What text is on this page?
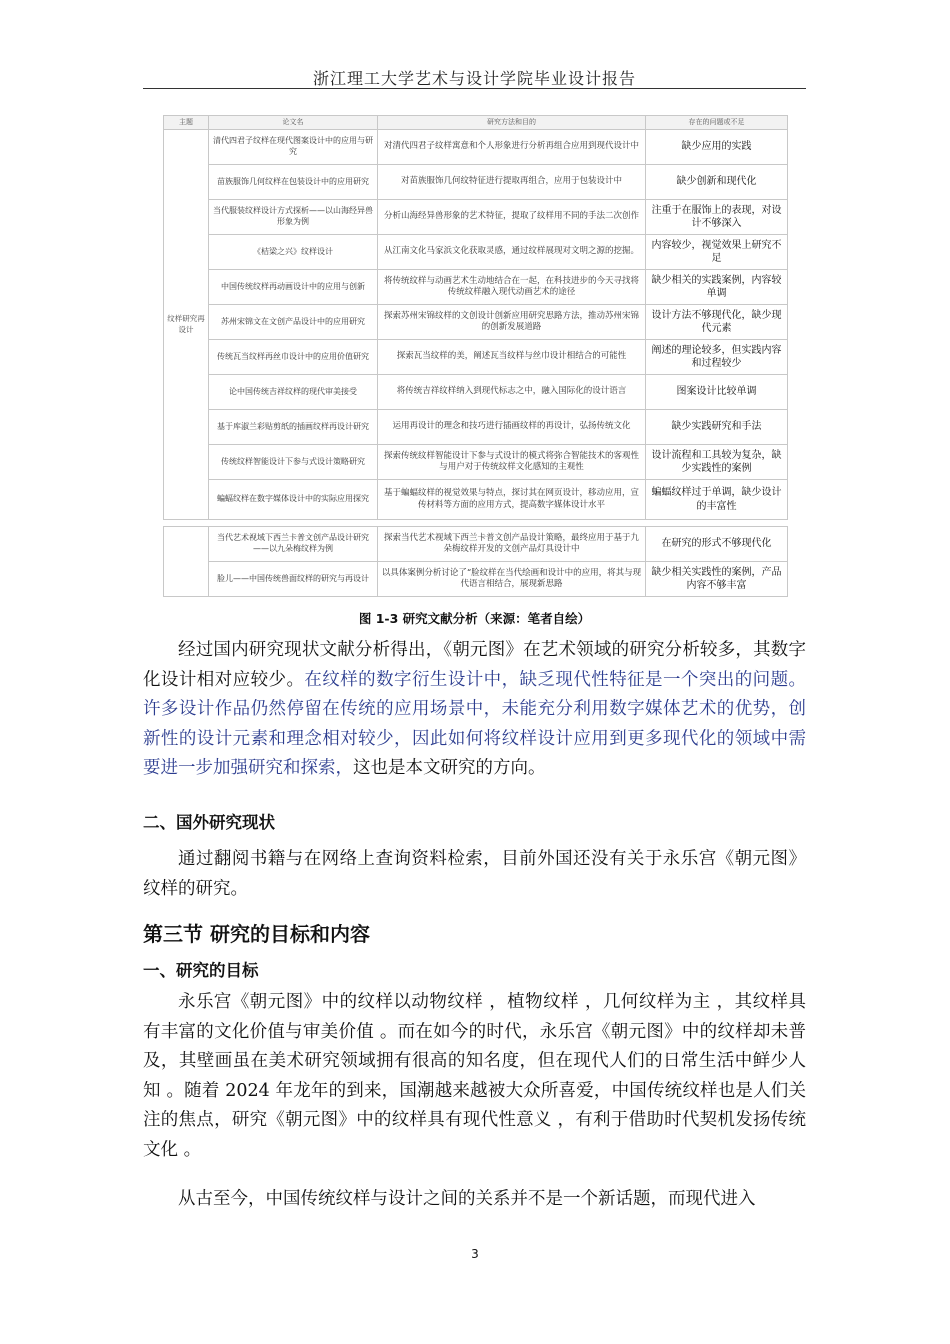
浙江理工大学艺术与设计学院毕业设计报告
主题	论文名	研究方法和目的	存在的问题或不足
纹样研究再设计	清代四君子纹样在现代图案设计中的应用与研究	对清代四君子纹样寓意和个人形象进行分析再组合应用到现代设计中	缺少应用的实践
	苗族服饰几何纹样在包装设计中的应用研究	对苗族服饰几何纹特征进行提取再组合，应用于包装设计中	缺少创新和现代化
	当代服装纹样设计方式探析——以山海经异兽形象为例	分析山海经异兽形象的艺术特征，提取了纹样用不同的手法二次创作	注重于在服饰上的表现，对设计不够深入
	《桔梁之兴》纹样设计	从江南文化马家浜文化获取灵感，通过纹样展现对文明之源的挖掘。	内容较少，视觉效果上研究不足
	中国传统纹样再动画设计中的应用与创新	将传统纹样与动画艺术生动地结合在一起，在科技进步的今天寻找将传统纹样融入现代动画艺术的途径	缺少相关的实践案例，内容较单调
	苏州宋锦文在文创产品设计中的应用研究	探索苏州宋锦纹样的文创设计创新应用研究思路方法，推动苏州宋锦的创新发展道路	设计方法不够现代化，缺少现代元素
	传统瓦当纹样再丝巾设计中的应用价值研究	探索瓦当纹样的美，阐述瓦当纹样与丝巾设计相结合的可能性	阐述的理论较多，但实践内容和过程较少
	论中国传统吉祥纹样的现代审美接受	将传统吉祥纹样纳入到现代标志之中，融入国际化的设计语言	图案设计比较单调
	基于库淑兰彩贴剪纸的插画纹样再设计研究	运用再设计的理念和技巧进行插画纹样的再设计，弘扬传统文化	缺少实践研究和手法
	传统纹样智能设计下参与式设计策略研究	探索传统纹样智能设计下参与式设计的模式将弥合智能技术的客观性与用户对于传统纹样文化感知的主观性	设计流程和工具较为复杂，缺少实践性的案例
	蝙蝠纹样在数字媒体设计中的实际应用探究	基于蝙蝠纹样的视觉效果与特点，探讨其在网页设计，移动应用，宣传材料等方面的应用方式，提高数字媒体设计水平	蝙蝠纹样过于单调，缺少设计的丰富性
	当代艺术视域下西兰卡普文创产品设计研究——以九朵梅纹样为例	探索当代艺术视域下西兰卡普文创产品设计策略，最终应用于基于九朵梅纹样开发的文创产品灯具设计中	在研究的形式不够现代化
	脸儿——中国传统兽面纹样的研究与再设计	以具体案例分析讨论了“脸纹样在当代绘画和设计中的应用，将其与现代语言相结合，展现新思路	缺少相关实践性的案例，产品内容不够丰富
图 1-3 研究文献分析（来源：笔者自绘）

经过国内研究现状文献分析得出，《朝元图》在艺术领域的研究分析较多，其数字化设计相对应较少。在纹样的数字衍生设计中，缺乏现代性特征是一个突出的问题。许多设计作品仍然停留在传统的应用场景中，未能充分利用数字媒体艺术的优势，创新性的设计元素和理念相对较少，因此如何将纹样设计应用到更多现代化的领域中需要进一步加强研究和探索，这也是本文研究的方向。

二、国外研究现状

通过翻阅书籍与在网络上查询资料检索，目前外国还没有关于永乐宫《朝元图》纹样的研究。

第三节 研究的目标和内容
一、研究的目标

永乐宫《朝元图》中的纹样以动物纹样 ，植物纹样 ，几何纹样为主 ，其纹样具有丰富的文化价值与审美价值 。而在如今的时代，永乐宫《朝元图》中的纹样却未普及，其壁画虽在美术研究领域拥有很高的知名度，但在现代人们的日常生活中鲜少人知 。随着 2024 年龙年的到来，国潮越来越被大众所喜爱，中国传统纹样也是人们关注的焦点，研究《朝元图》中的纹样具有现代性意义 ，有利于借助时代契机发扬传统文化 。

从古至今，中国传统纹样与设计之间的关系并不是一个新话题，而现代进入

3
